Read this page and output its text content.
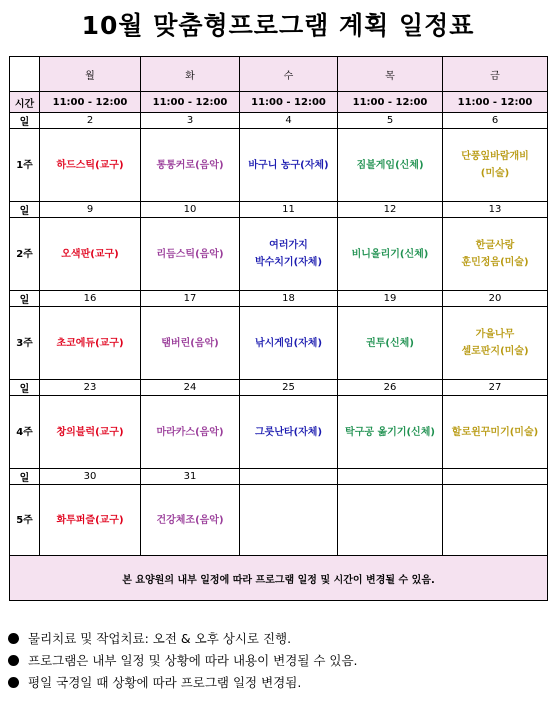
10월 맞춤형프로그램 계획 일정표
	월	화	수	목	금
시간	11:00 - 12:00	11:00 - 12:00	11:00 - 12:00	11:00 - 12:00	11:00 - 12:00
일	2	3	4	5	6
1주	하드스틱(교구)	통통커로(음악)	바구니 농구(자체)	짐볼게임(신체)	단풍잎바람개비
(미술)
일	9	10	11	12	13
2주	오색판(교구)	리듬스틱(음악)	여러가지
박수치기(자체)	비니올리기(신체)	한글사랑
훈민정음(미술)
일	16	17	18	19	20
3주	초코에듀(교구)	탬버린(음악)	낚시게임(자체)	권투(신체)	가을나무
셀로판지(미술)
일	23	24	25	26	27
4주	창의블럭(교구)	마라카스(음악)	그룻난타(자체)	탁구공 옮기기(신체)	할로윈꾸미기(미술)
일	30	31			
5주	화투퍼즐(교구)	건강체조(음악)			
본 요양원의 내부 일정에 따라 프로그램 일정 및 시간이 변경될 수 있음.					
물리치료 및 작업치료: 오전 & 오후 상시로 진행.
프로그램은 내부 일정 및 상황에 따라 내용이 변경될 수 있음.
평일 국경일 때 상황에 따라 프로그램 일정 변경됨.
